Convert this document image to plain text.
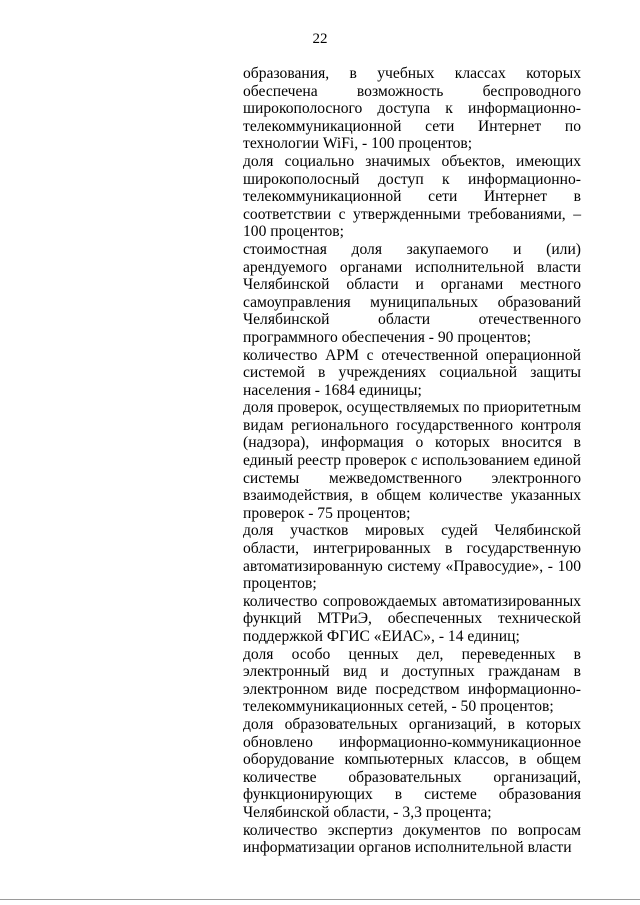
22

образования, в учебных классах которых обеспечена возможность беспроводного широкополосного доступа к информационно-телекоммуникационной сети Интернет по технологии WiFi, - 100 процентов;

доля социально значимых объектов, имеющих широкополосный доступ к информационно-телекоммуникационной сети Интернет в соответствии с утвержденными требованиями, – 100 процентов;

стоимостная доля закупаемого и (или) арендуемого органами исполнительной власти Челябинской области и органами местного самоуправления муниципальных образований Челябинской области отечественного программного обеспечения - 90 процентов;

количество АРМ с отечественной операционной системой в учреждениях социальной защиты населения - 1684 единицы;

доля проверок, осуществляемых по приоритетным видам регионального государственного контроля (надзора), информация о которых вносится в единый реестр проверок с использованием единой системы межведомственного электронного взаимодействия, в общем количестве указанных проверок - 75 процентов;

доля участков мировых судей Челябинской области, интегрированных в государственную автоматизированную систему «Правосудие», - 100 процентов;

количество сопровождаемых автоматизированных функций МТРиЭ, обеспеченных технической поддержкой ФГИС «ЕИАС», - 14 единиц;

доля особо ценных дел, переведенных в электронный вид и доступных гражданам в электронном виде посредством информационно-телекоммуникационных сетей, - 50 процентов;

доля образовательных организаций, в которых обновлено информационно-коммуникационное оборудование компьютерных классов, в общем количестве образовательных организаций, функционирующих в системе образования Челябинской области, - 3,3 процента;

количество экспертиз документов по вопросам информатизации органов исполнительной власти
